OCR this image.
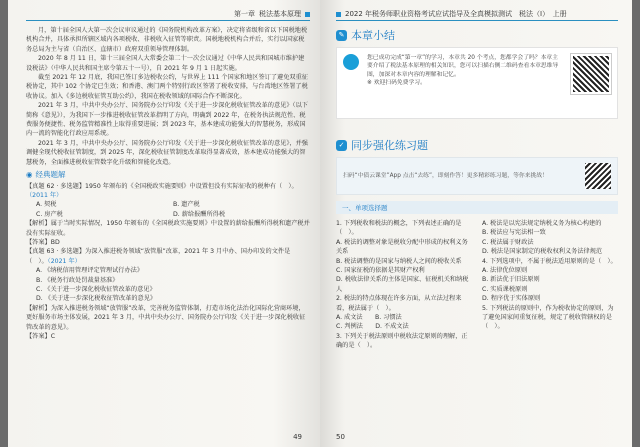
第一章 税法基本原理

月，第十届全国人大第一次会议审议通过的《国务院机构改革方案》，决定将省级和省以下国税地税机构合并，具体承担所辖区域内各项税收、非税收入征管等职责。国税地税机构合并后，实行以国家税务总局为主与省（自治区、直辖市）政府双重领导管理体制。

2020 年 8 月 11 日，第十三届全国人大常委会第二十一次会议通过《中华人民共和国城市维护建设税法》（中华人民共和国主席令第五十一号），自 2021 年 9 月 1 日起实施。

截至 2021 年 12 月底，我国已签订多边税收公约，与世界上 111 个国家和地区签订了避免双重征税协定，其中 102 个协定已生效；和香港、澳门两个特别行政区签署了税收安排，与台湾地区签署了税收协议。加入《多边税收征管互助公约》，我国在税收领域的国际合作不断深化。

2021 年 3 月，中共中央办公厅、国务院办公厅印发《关于进一步深化税收征管改革的意见》（以下简称《意见》），为我国下一步推进税收征管改革指明了方向，明确到 2022 年，在税务执法规范性、税费服务便捷性、税务监管精准性上取得重要进展；到 2023 年，基本建成功能强大的智慧税务，形成国内一流的智能化行政应用系统。

2021 年 3 月，中共中央办公厅、国务院办公厅印发《关于进一步深化税收征管改革的意见》，并强调健全现代税收征管制度，到 2025 年，深化税收征管制度改革取得显著成效，基本建成功能强大的智慧税务，全面推进税收征管数字化升级和智能化改造。

◉ 经典题解

【真题 62 · 多选题】1950 年颁布的《全国税政实施要则》中设置但没有实际征收的税种有（　）。（2011 年）

A. 契税	B. 遗产税
C. 房产税	D. 薪给报酬所得税

【解析】属于当时实际情况，1950 年颁布的《全国税政实施要则》中设置的薪给报酬所得税和遗产税并没有实际征收。

【答案】BD

【真题 63 · 多选题】为深入推进税务领域“放管服”改革，2021 年 3 月中办、国办印发的文件是（　）。（2021 年）

A. 《纳税信用管理评定管理试行办法》
B. 《税务行政处罚裁量基准》
C. 《关于进一步深化税收征管改革的意见》
D. 《关于进一步深化税收征管改革的意见》

【解析】为深入推进税务领域“放管服”改革，完善税务监管体制，打造市场化法治化国际化营商环境，更好服务市场主体发展，2021 年 3 月，中共中央办公厅、国务院办公厅印发《关于进一步深化税收征管改革的意见》。

【答案】C

49
2022 年税务师职业资格考试应试指导及全真模拟测试　税法（Ⅰ）　上册
✎ 本章小结
您已成功完成“第一章”的学习，本章共 20 个考点，您都学会了吗？本章主要介绍了税法基本原理的相关知识，您可以扫描右侧二维码查看本章思维导图，加深对本章内容的理解和记忆。
※ 欢迎扫码免费学习。
✓ 同步强化练习题
扫码“中债云课堂”App 点击“去练”，即刻作答！更多精彩练习题，等你来挑战！
一、单项选择题
1. 下列税收和税法的概念，下列表述正确的是（　）。
A. 税法的调整对象是税收分配中形成的权利义务关系
B. 税法调整的是国家与纳税人之间的税收关系
C. 国家征税的依据是其财产权利
D. 税收法律关系的主体是国家、征税机关和纳税人
2. 税法的特点体现在许多方面，从立法过程来看，税法属于（　）。
A. 成文法　　B. 习惯法
C. 判例法　　D. 不成文法
3. 下列关于税法原则中税收法定原则的理解，正确的是（　）。
A. 税法是以宪法规定纳税义务为核心构建的
B. 税法应与宪法相一致
C. 税法属于财政法
D. 税法是国家制定的税收权利义务法律规范
4. 下列选项中，不属于税法适用原则的是（　）。
A. 法律优位原则
B. 新法优于旧法原则
C. 实质课税原则
D. 程序优于实体原则
5. 下列税法的原则中，作为税收协定的原则，为了避免国家间重复征税，规定了税收管辖权的是（　）。
50
